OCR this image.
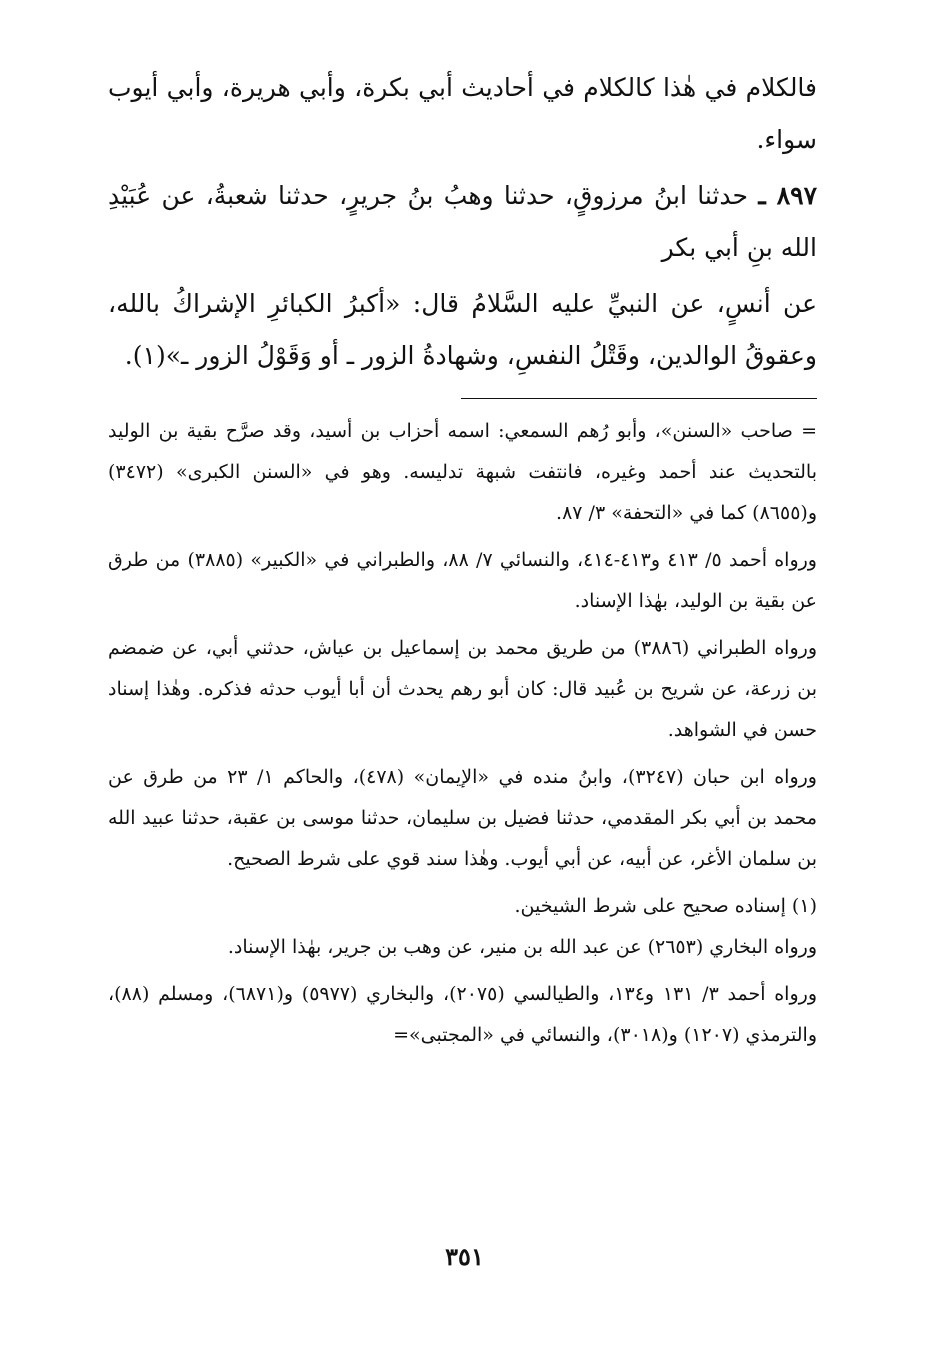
فالكلام في هٰذا كالكلام في أحاديث أبي بكرة، وأبي هريرة، وأبي أيوب سواء.

٨٩٧ ـ حدثنا ابنُ مرزوقٍ، حدثنا وهبُ بنُ جريرٍ، حدثنا شعبةُ، عن عُبَيْدِ الله بنِ أبي بكر

عن أنسٍ، عن النبيِّ عليه السَّلامُ قال: «أكبرُ الكبائرِ الإشراكُ بالله، وعقوقُ الوالدين، وقَتْلُ النفسِ، وشهادةُ الزور ـ أو وَقَوْلُ الزور ـ»(١).

= صاحب «السنن»، وأبو رُهم السمعي: اسمه أحزاب بن أسيد، وقد صرَّح بقية بن الوليد بالتحديث عند أحمد وغيره، فانتفت شبهة تدليسه. وهو في «السنن الكبرى» (٣٤٧٢) و(٨٦٥٥) كما في «التحفة» ٣/ ٨٧.

ورواه أحمد ٥/ ٤١٣ و٤١٣-٤١٤، والنسائي ٧/ ٨٨، والطبراني في «الكبير» (٣٨٨٥) من طرق عن بقية بن الوليد، بهٰذا الإسناد.

ورواه الطبراني (٣٨٨٦) من طريق محمد بن إسماعيل بن عياش، حدثني أبي، عن ضمضم بن زرعة، عن شريح بن عُبيد قال: كان أبو رهم يحدث أن أبا أيوب حدثه فذكره. وهٰذا إسناد حسن في الشواهد.

ورواه ابن حبان (٣٢٤٧)، وابنُ منده في «الإيمان» (٤٧٨)، والحاكم ١/ ٢٣ من طرق عن محمد بن أبي بكر المقدمي، حدثنا فضيل بن سليمان، حدثنا موسى بن عقبة، حدثنا عبيد الله بن سلمان الأغر، عن أبيه، عن أبي أيوب. وهٰذا سند قوي على شرط الصحيح.

(١) إسناده صحيح على شرط الشيخين.

ورواه البخاري (٢٦٥٣) عن عبد الله بن منير، عن وهب بن جرير، بهٰذا الإسناد.

ورواه أحمد ٣/ ١٣١ و١٣٤، والطيالسي (٢٠٧٥)، والبخاري (٥٩٧٧) و(٦٨٧١)، ومسلم (٨٨)، والترمذي (١٢٠٧) و(٣٠١٨)، والنسائي في «المجتبى»=

٣٥١
